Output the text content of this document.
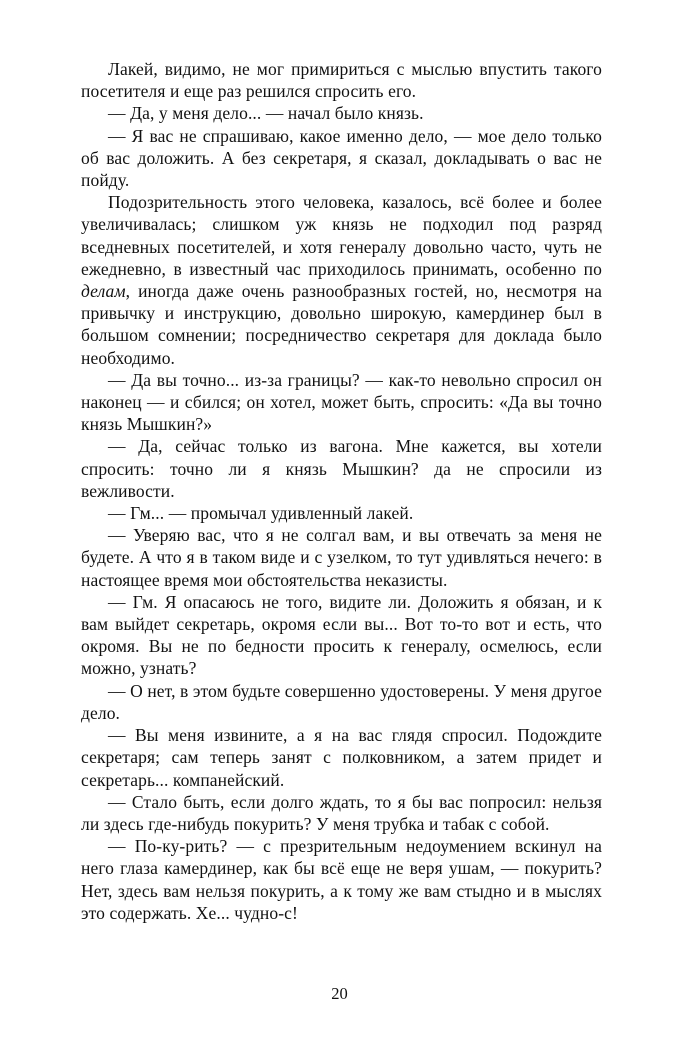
Лакей, видимо, не мог примириться с мыслью впустить такого посетителя и еще раз решился спросить его.

— Да, у меня дело... — начал было князь.

— Я вас не спрашиваю, какое именно дело, — мое дело только об вас доложить. А без секретаря, я сказал, докладывать о вас не пойду.

Подозрительность этого человека, казалось, всё более и более увеличивалась; слишком уж князь не подходил под разряд вседневных посетителей, и хотя генералу довольно часто, чуть не ежедневно, в известный час приходилось принимать, особенно по делам, иногда даже очень разнообразных гостей, но, несмотря на привычку и инструкцию, довольно широкую, камердинер был в большом сомнении; посредничество секретаря для доклада было необходимо.

— Да вы точно... из-за границы? — как-то невольно спросил он наконец — и сбился; он хотел, может быть, спросить: «Да вы точно князь Мышкин?»

— Да, сейчас только из вагона. Мне кажется, вы хотели спросить: точно ли я князь Мышкин? да не спросили из вежливости.

— Гм... — промычал удивленный лакей.

— Уверяю вас, что я не солгал вам, и вы отвечать за меня не будете. А что я в таком виде и с узелком, то тут удивляться нечего: в настоящее время мои обстоятельства неказисты.

— Гм. Я опасаюсь не того, видите ли. Доложить я обязан, и к вам выйдет секретарь, окромя если вы... Вот то-то вот и есть, что окромя. Вы не по бедности просить к генералу, осмелюсь, если можно, узнать?

— О нет, в этом будьте совершенно удостоверены. У меня другое дело.

— Вы меня извините, а я на вас глядя спросил. Подождите секретаря; сам теперь занят с полковником, а затем придет и секретарь... компанейский.

— Стало быть, если долго ждать, то я бы вас попросил: нельзя ли здесь где-нибудь покурить? У меня трубка и табак с собой.

— По-ку-рить? — с презрительным недоумением вскинул на него глаза камердинер, как бы всё еще не веря ушам, — покурить? Нет, здесь вам нельзя покурить, а к тому же вам стыдно и в мыслях это содержать. Хе... чудно-с!

20
